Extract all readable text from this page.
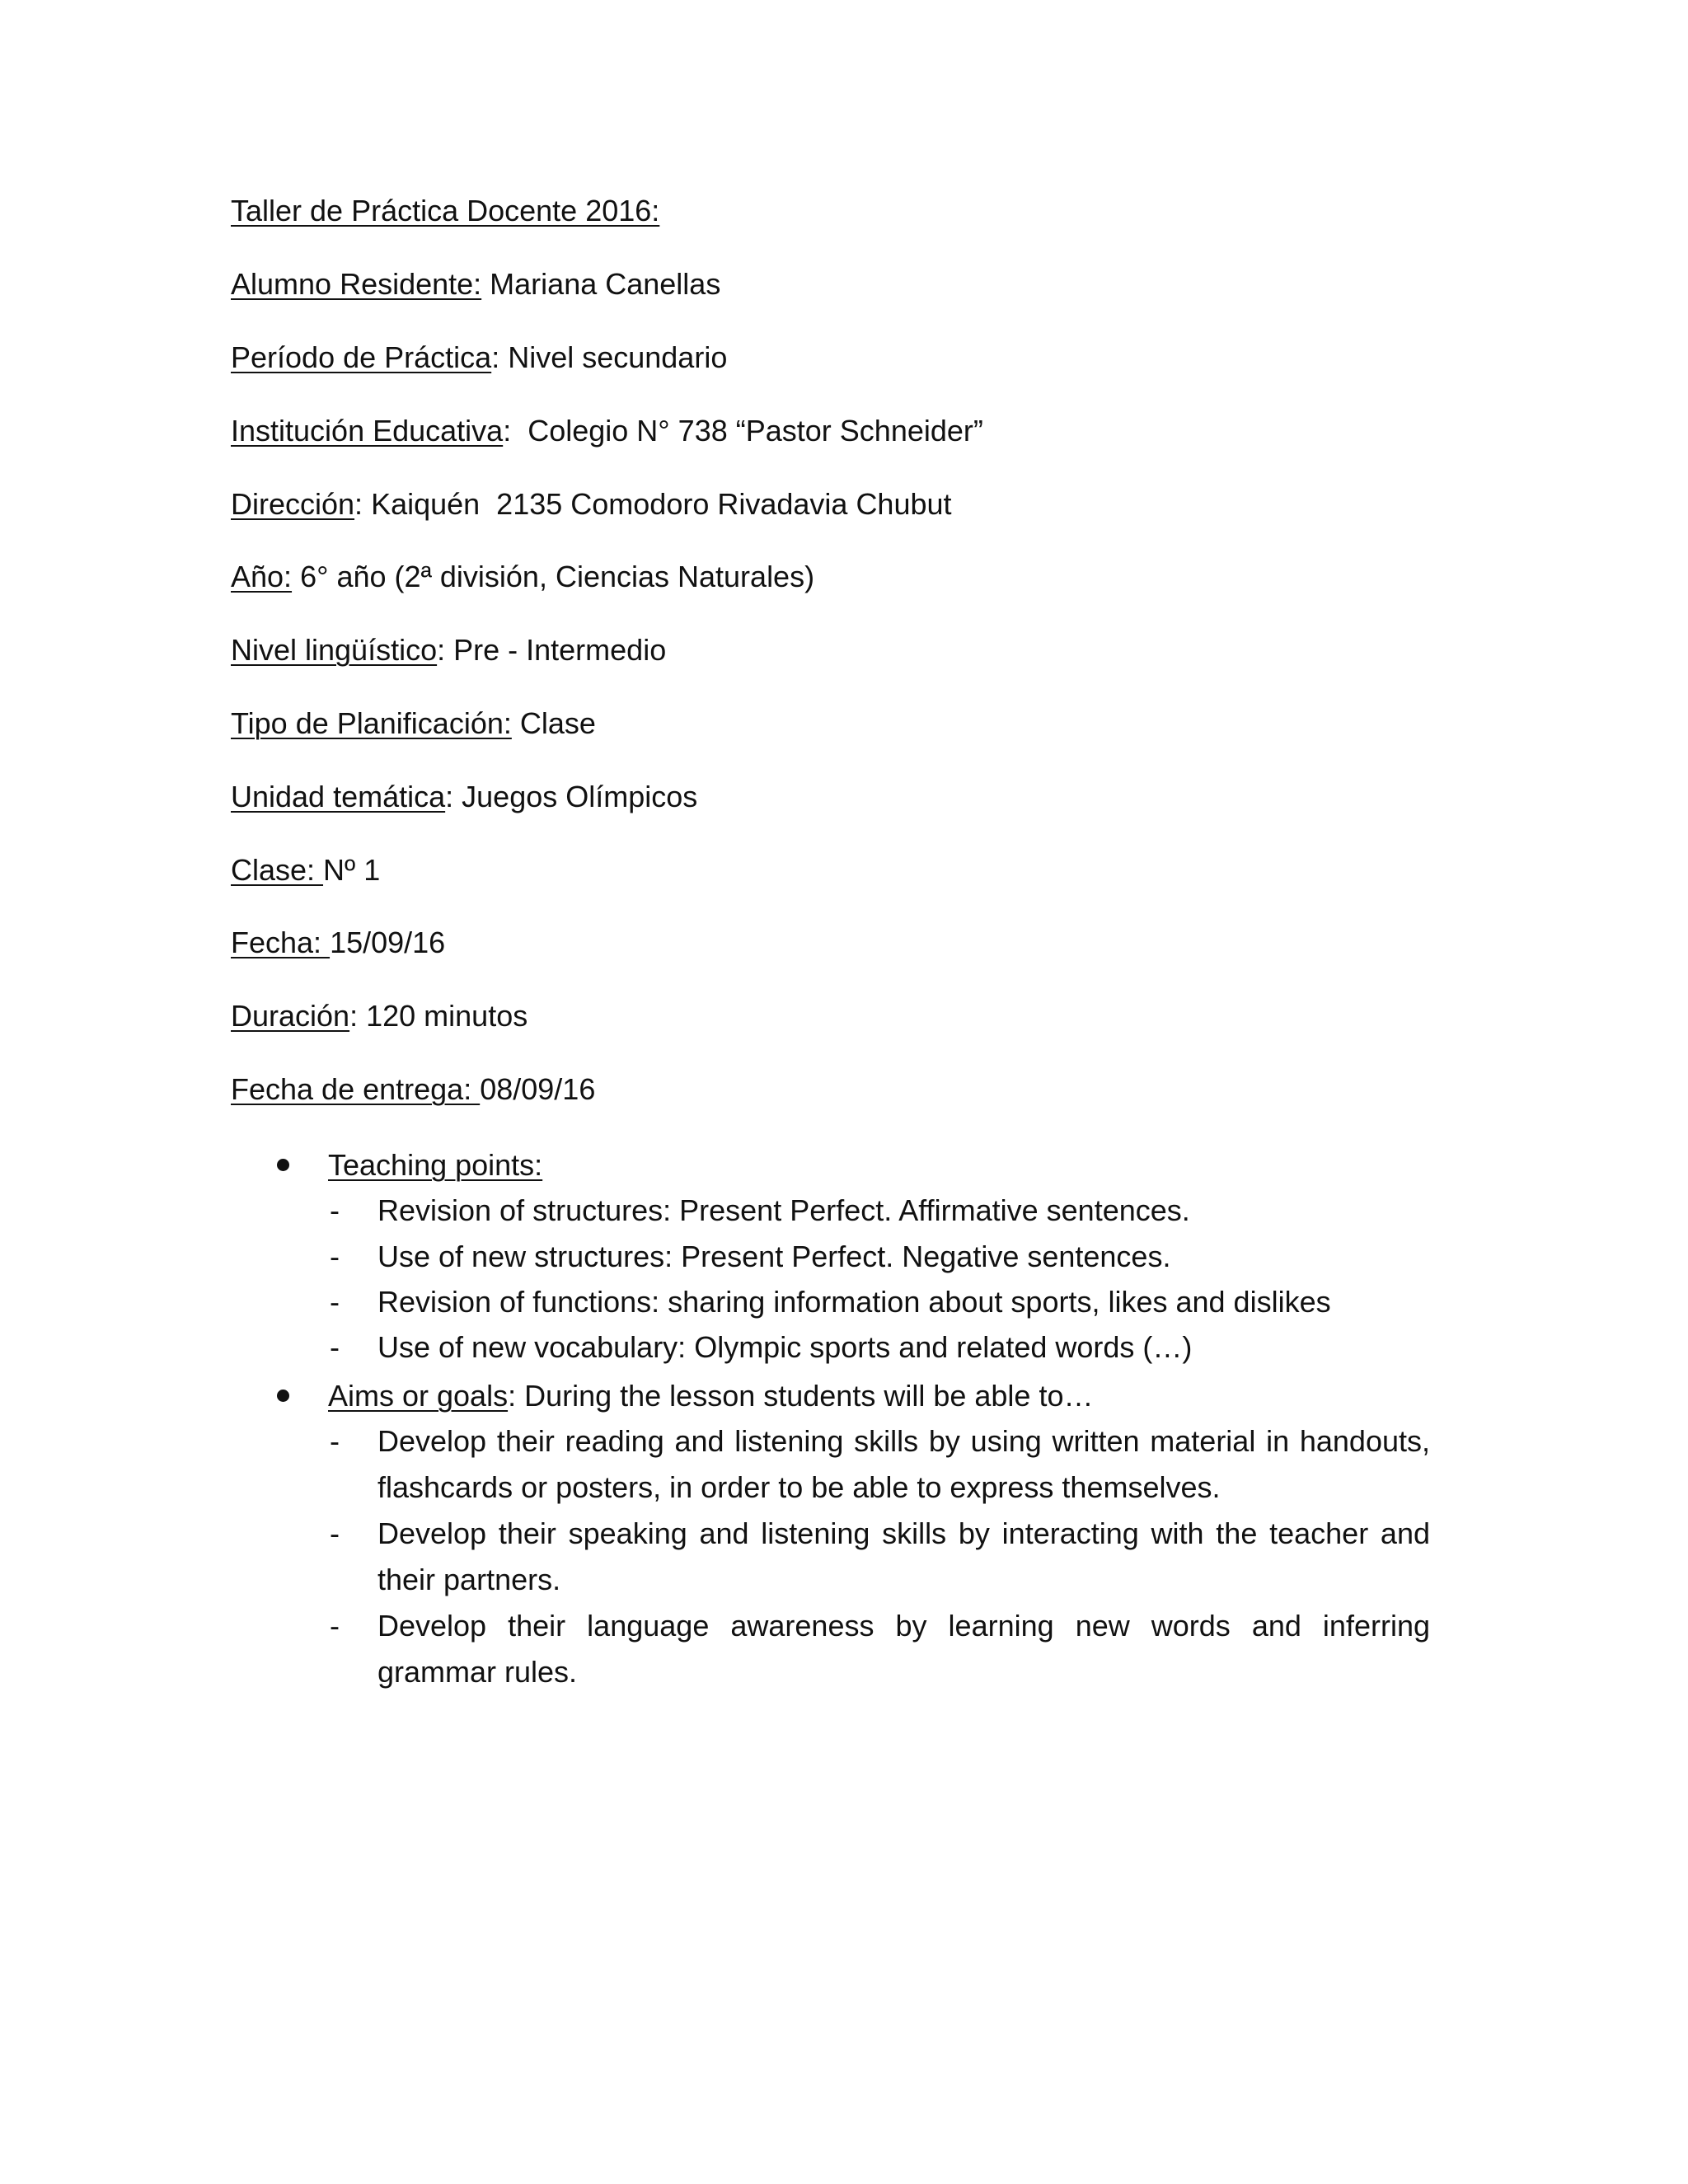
Taller de Práctica Docente 2016:
Alumno Residente: Mariana Canellas
Período de Práctica: Nivel secundario
Institución Educativa:  Colegio N° 738 “Pastor Schneider”
Dirección: Kaiquén  2135 Comodoro Rivadavia Chubut
Año: 6° año (2ª división, Ciencias Naturales)
Nivel lingüístico: Pre - Intermedio
Tipo de Planificación: Clase
Unidad temática: Juegos Olímpicos
Clase: Nº 1
Fecha: 15/09/16
Duración: 120 minutos
Fecha de entrega: 08/09/16
Teaching points:
- Revision of structures: Present Perfect. Affirmative sentences.
- Use of new structures: Present Perfect. Negative sentences.
- Revision of functions: sharing information about sports, likes and dislikes
- Use of new vocabulary: Olympic sports and related words (…)
Aims or goals: During the lesson students will be able to…
- Develop their reading and listening skills by using written material in handouts, flashcards or posters, in order to be able to express themselves.
- Develop their speaking and listening skills by interacting with the teacher and their partners.
- Develop their language awareness by learning new words and inferring grammar rules.
